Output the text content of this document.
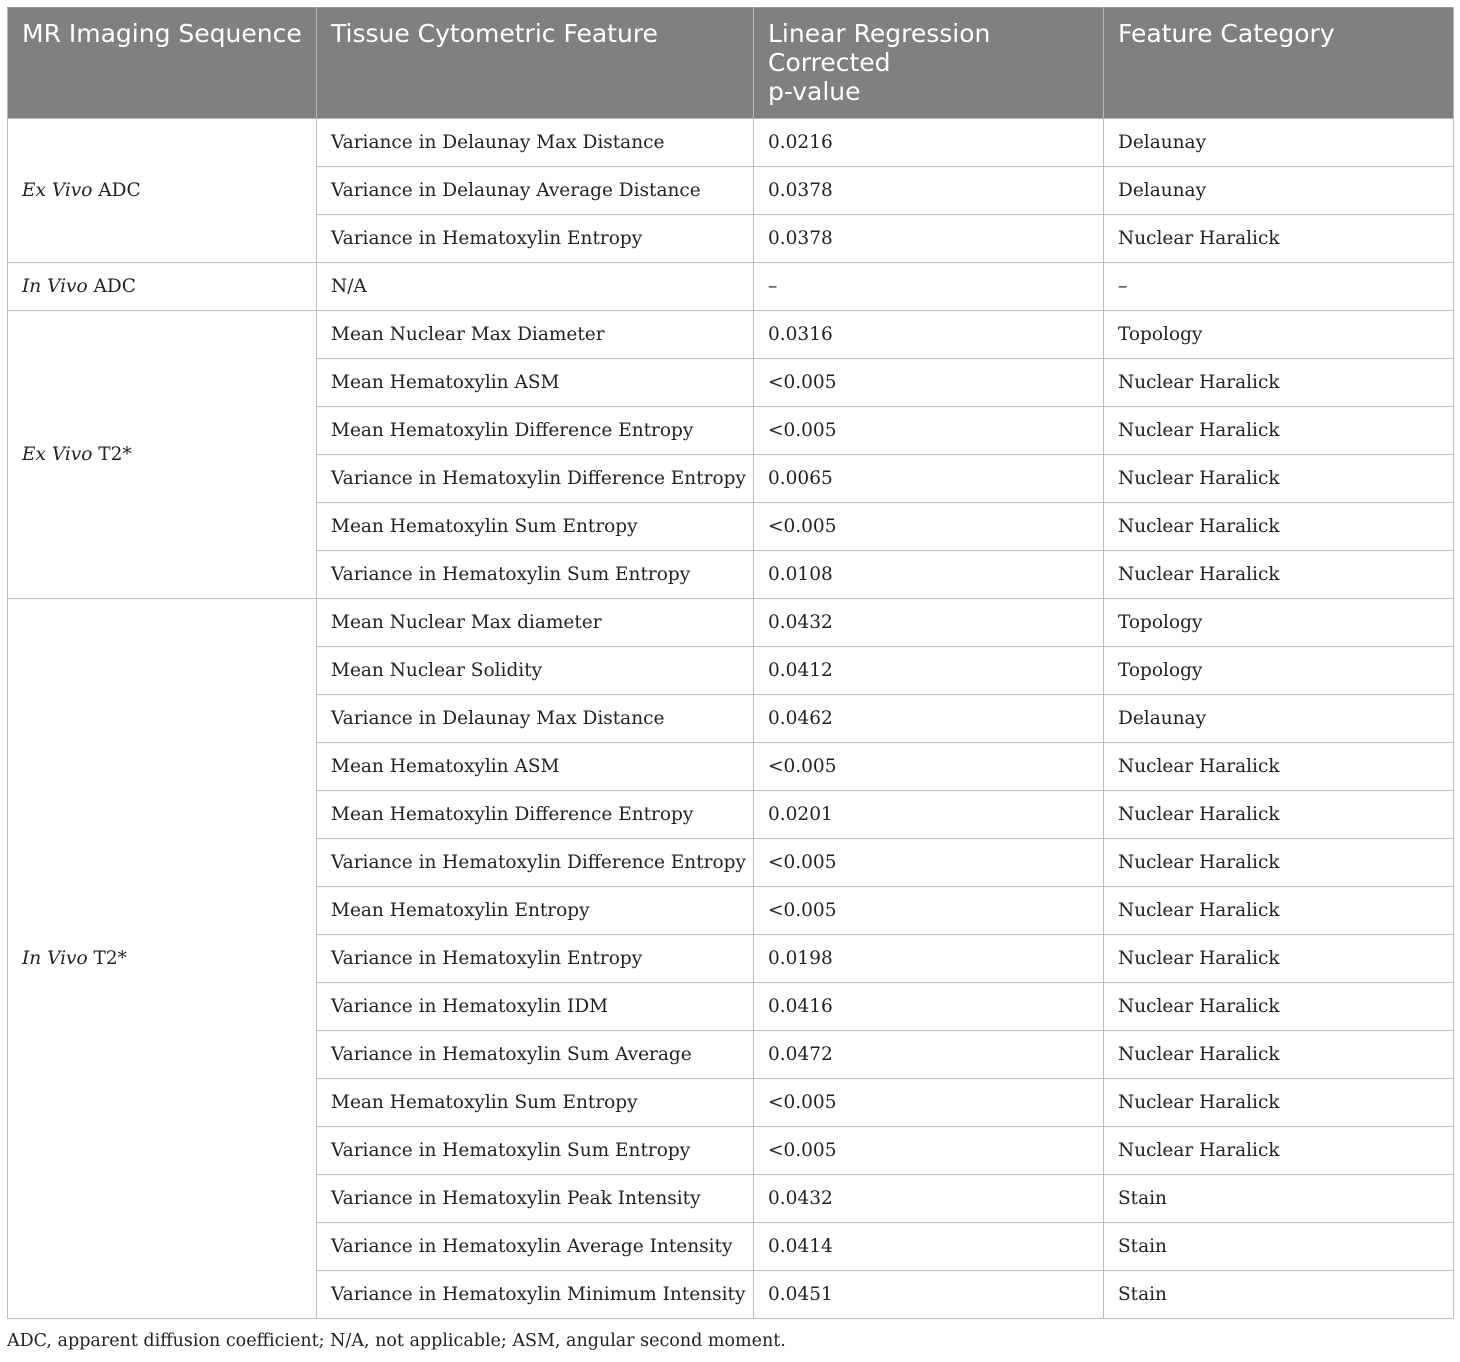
MR Imaging Sequence	Tissue Cytometric Feature	Linear Regression
Corrected
p-value	Feature Category
Ex Vivo ADC	Variance in Delaunay Max Distance	0.0216	Delaunay
	Variance in Delaunay Average Distance	0.0378	Delaunay
	Variance in Hematoxylin Entropy	0.0378	Nuclear Haralick
In Vivo ADC	N/A	–	–
Ex Vivo T2*	Mean Nuclear Max Diameter	0.0316	Topology
	Mean Hematoxylin ASM	<0.005	Nuclear Haralick
	Mean Hematoxylin Difference Entropy	<0.005	Nuclear Haralick
	Variance in Hematoxylin Difference Entropy	0.0065	Nuclear Haralick
	Mean Hematoxylin Sum Entropy	<0.005	Nuclear Haralick
	Variance in Hematoxylin Sum Entropy	0.0108	Nuclear Haralick
In Vivo T2*	Mean Nuclear Max diameter	0.0432	Topology
	Mean Nuclear Solidity	0.0412	Topology
	Variance in Delaunay Max Distance	0.0462	Delaunay
	Mean Hematoxylin ASM	<0.005	Nuclear Haralick
	Mean Hematoxylin Difference Entropy	0.0201	Nuclear Haralick
	Variance in Hematoxylin Difference Entropy	<0.005	Nuclear Haralick
	Mean Hematoxylin Entropy	<0.005	Nuclear Haralick
	Variance in Hematoxylin Entropy	0.0198	Nuclear Haralick
	Variance in Hematoxylin IDM	0.0416	Nuclear Haralick
	Variance in Hematoxylin Sum Average	0.0472	Nuclear Haralick
	Mean Hematoxylin Sum Entropy	<0.005	Nuclear Haralick
	Variance in Hematoxylin Sum Entropy	<0.005	Nuclear Haralick
	Variance in Hematoxylin Peak Intensity	0.0432	Stain
	Variance in Hematoxylin Average Intensity	0.0414	Stain
	Variance in Hematoxylin Minimum Intensity	0.0451	Stain
ADC, apparent diffusion coefficient; N/A, not applicable; ASM, angular second moment.
